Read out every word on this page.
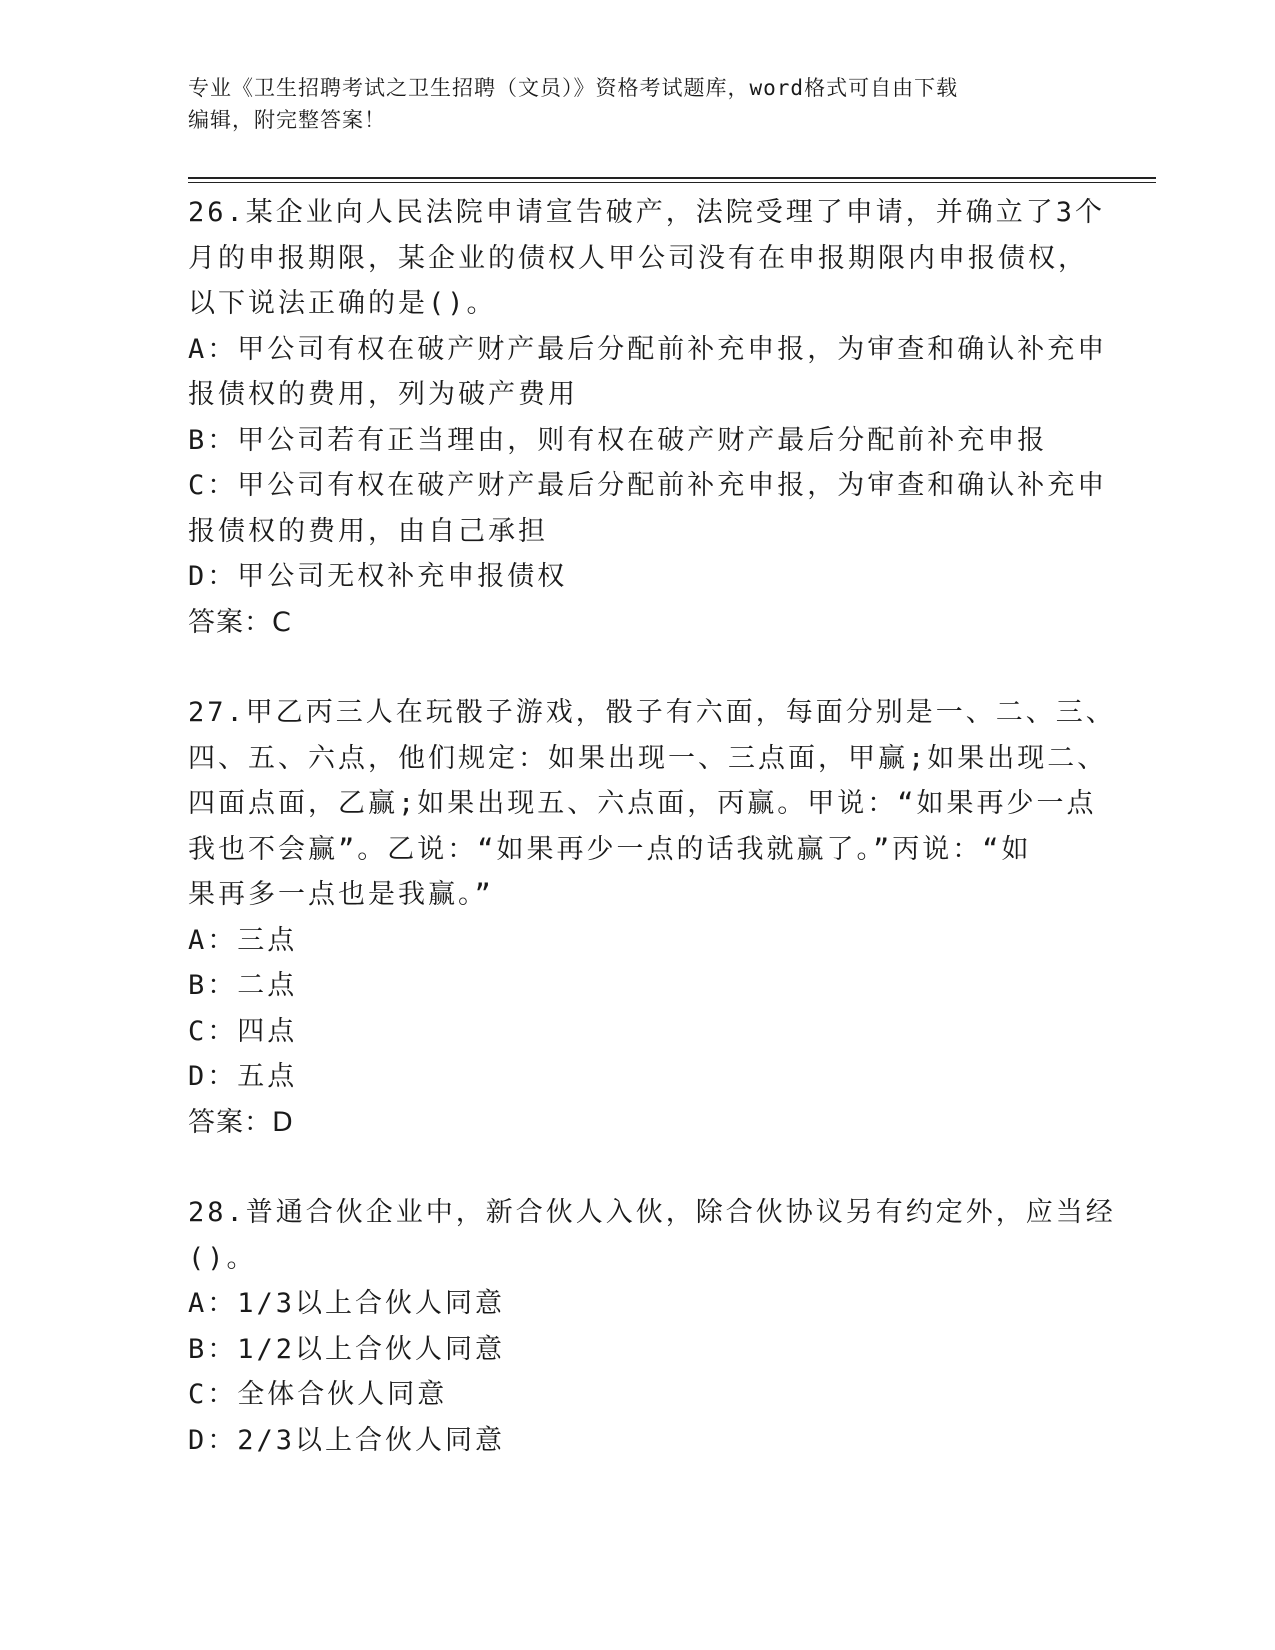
专业《卫生招聘考试之卫生招聘（文员）》资格考试题库，word格式可自由下载
编辑，附完整答案！
26.某企业向人民法院申请宣告破产，法院受理了申请，并确立了3个
月的申报期限，某企业的债权人甲公司没有在申报期限内申报债权，
以下说法正确的是()。
A：甲公司有权在破产财产最后分配前补充申报，为审查和确认补充申
报债权的费用，列为破产费用
B：甲公司若有正当理由，则有权在破产财产最后分配前补充申报
C：甲公司有权在破产财产最后分配前补充申报，为审查和确认补充申
报债权的费用，由自己承担
D：甲公司无权补充申报债权
答案：C
27.甲乙丙三人在玩骰子游戏，骰子有六面，每面分别是一、二、三、
四、五、六点，他们规定：如果出现一、三点面，甲赢;如果出现二、
四面点面，乙赢;如果出现五、六点面，丙赢。甲说：“如果再少一点
我也不会赢”。乙说：“如果再少一点的话我就赢了。”丙说：“如
果再多一点也是我赢。”
A：三点
B：二点
C：四点
D：五点
答案：D
28.普通合伙企业中，新合伙人入伙，除合伙协议另有约定外，应当经
()。
A：1/3以上合伙人同意
B：1/2以上合伙人同意
C：全体合伙人同意
D：2/3以上合伙人同意
